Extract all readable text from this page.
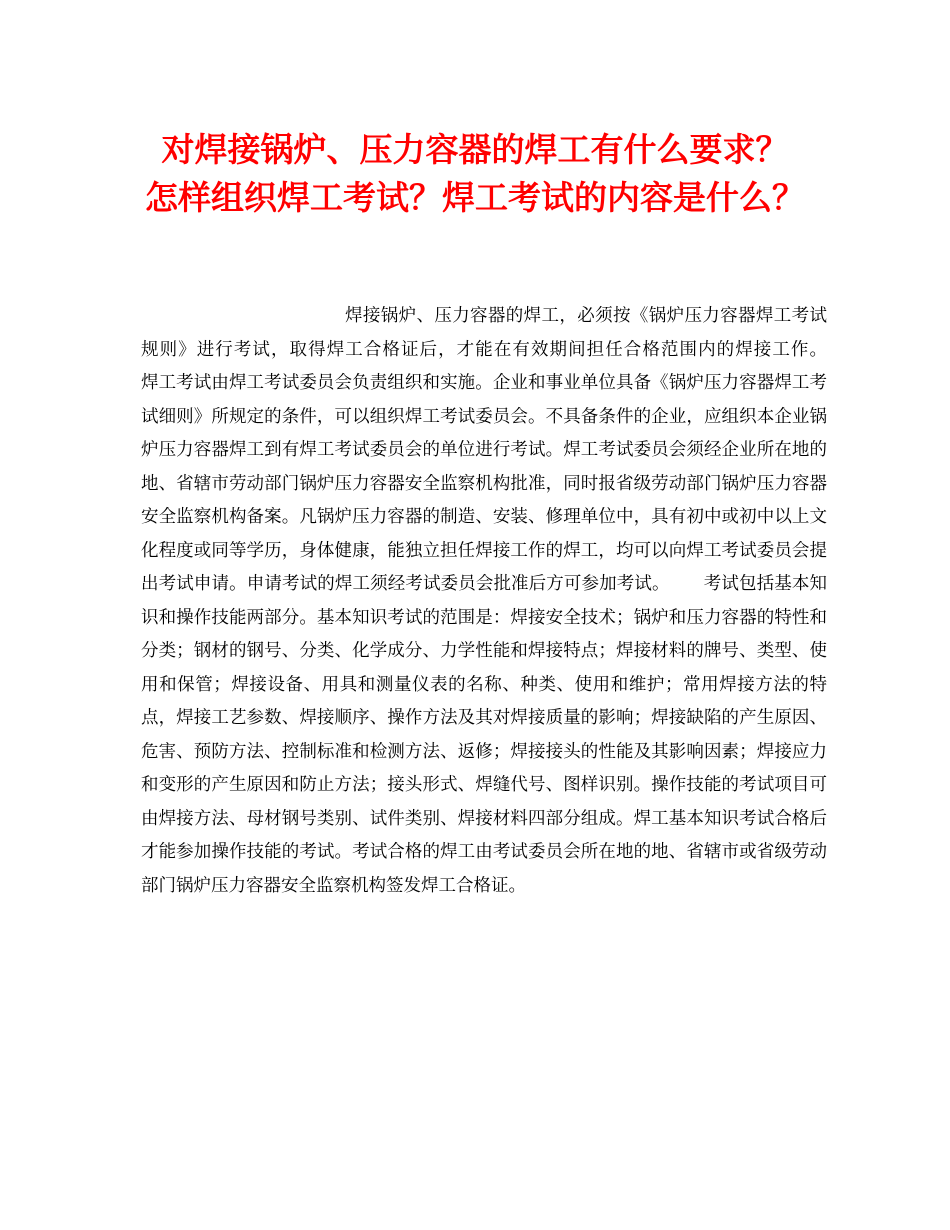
对焊接锅炉、压力容器的焊工有什么要求？
怎样组织焊工考试？焊工考试的内容是什么？

焊接锅炉、压力容器的焊工，必须按《锅炉压力容器焊工考试规则》进行考试，取得焊工合格证后，才能在有效期间担任合格范围内的焊接工作。      焊工考试由焊工考试委员会负责组织和实施。企业和事业单位具备《锅炉压力容器焊工考试细则》所规定的条件，可以组织焊工考试委员会。不具备条件的企业，应组织本企业锅炉压力容器焊工到有焊工考试委员会的单位进行考试。焊工考试委员会须经企业所在地的地、省辖市劳动部门锅炉压力容器安全监察机构批准，同时报省级劳动部门锅炉压力容器安全监察机构备案。凡锅炉压力容器的制造、安装、修理单位中，具有初中或初中以上文化程度或同等学历，身体健康，能独立担任焊接工作的焊工，均可以向焊工考试委员会提出考试申请。申请考试的焊工须经考试委员会批准后方可参加考试。      考试包括基本知识和操作技能两部分。基本知识考试的范围是：焊接安全技术；锅炉和压力容器的特性和分类；钢材的钢号、分类、化学成分、力学性能和焊接特点；焊接材料的牌号、类型、使用和保管；焊接设备、用具和测量仪表的名称、种类、使用和维护；常用焊接方法的特点，焊接工艺参数、焊接顺序、操作方法及其对焊接质量的影响；焊接缺陷的产生原因、危害、预防方法、控制标准和检测方法、返修；焊接接头的性能及其影响因素；焊接应力和变形的产生原因和防止方法；接头形式、焊缝代号、图样识别。操作技能的考试项目可由焊接方法、母材钢号类别、试件类别、焊接材料四部分组成。焊工基本知识考试合格后才能参加操作技能的考试。考试合格的焊工由考试委员会所在地的地、省辖市或省级劳动部门锅炉压力容器安全监察机构签发焊工合格证。
